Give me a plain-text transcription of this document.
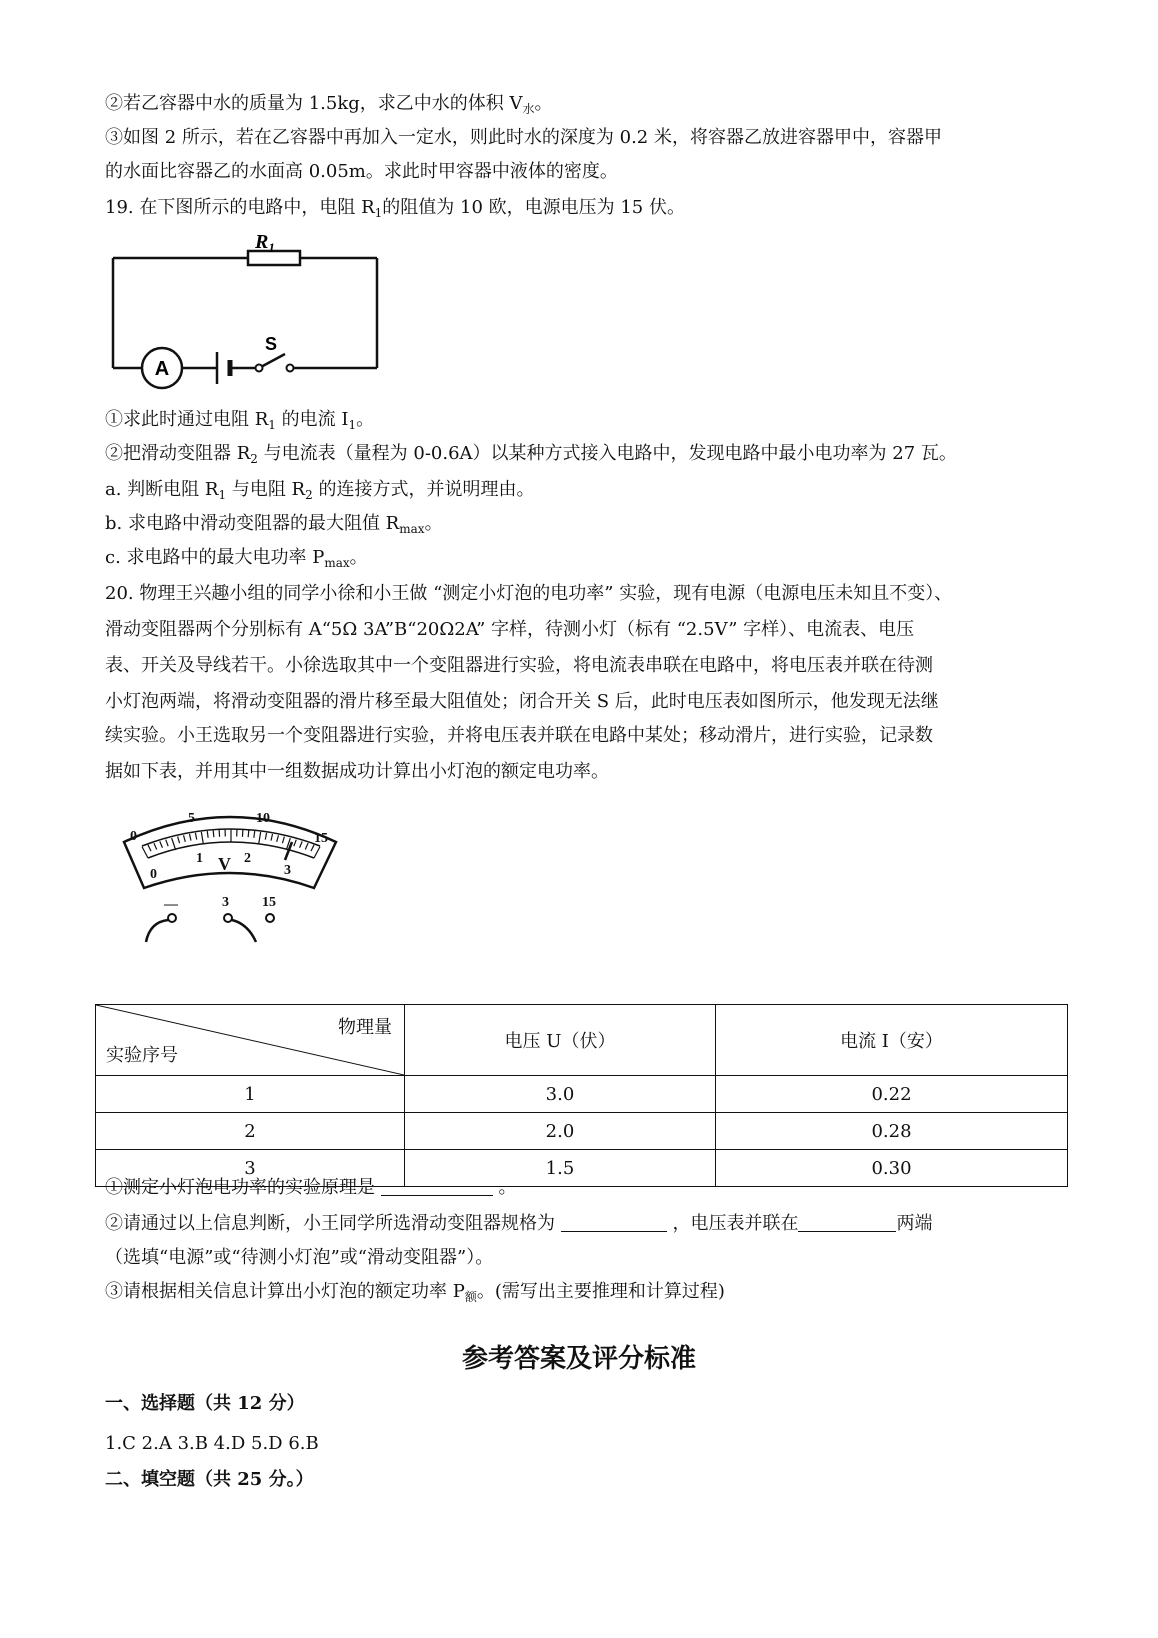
②若乙容器中水的质量为 1.5kg，求乙中水的体积 $V_水$。
③如图 2 所示，若在乙容器中再加入一定水，则此时水的深度为 0.2 米，将容器乙放进容器甲中，容器甲
的水面比容器乙的水面高 0.05m。求此时甲容器中液体的密度。
19. 在下图所示的电路中，电阻 $R_1$的阻值为 10 欧，电源电压为 15 伏。
$R_1$
A
S
①求此时通过电阻 $R_1$ 的电流 $I_1$。
②把滑动变阻器 $R_2$ 与电流表（量程为 0-0.6A）以某种方式接入电路中，发现电路中最小电功率为 27 瓦。
a. 判断电阻 $R_1$ 与电阻 $R_2$ 的连接方式，并说明理由。
b. 求电路中滑动变阻器的最大阻值 $R_{max}$。
c. 求电路中的最大电功率 $P_{max}$。
20. 物理王兴趣小组的同学小徐和小王做 “测定小灯泡的电功率” 实验，现有电源（电源电压未知且不变）、
滑动变阻器两个分别标有 A“5Ω 3A”B“20Ω2A” 字样，待测小灯（标有 “2.5V” 字样）、电流表、电压
表、开关及导线若干。小徐选取其中一个变阻器进行实验，将电流表串联在电路中，将电压表并联在待测
小灯泡两端，将滑动变阻器的滑片移至最大阻值处；闭合开关 S 后，此时电压表如图所示，他发现无法继
续实验。小王选取另一个变阻器进行实验，并将电压表并联在电路中某处；移动滑片，进行实验，记录数
据如下表，并用其中一组数据成功计算出小灯泡的额定电功率。
0
5	10
15
0
1	2
3
V
—	3 15
物理量
实验序号	电压 U（伏）	电流 I（安）
1	3.0	0.22
2	2.0	0.28
3	1.5	0.30
①测定小灯泡电功率的实验原理是	。
②请通过以上信息判断，小王同学所选滑动变阻器规格为	，电压表并联在	两端
（选填“电源”或“待测小灯泡”或“滑动变阻器”）。
③请根据相关信息计算出小灯泡的额定功率 $P_额$。(需写出主要推理和计算过程)
参考答案及评分标准
一、选择题（共 12 分）
1.C 2.A 3.B 4.D 5.D 6.B
二、填空题（共 25 分。）
